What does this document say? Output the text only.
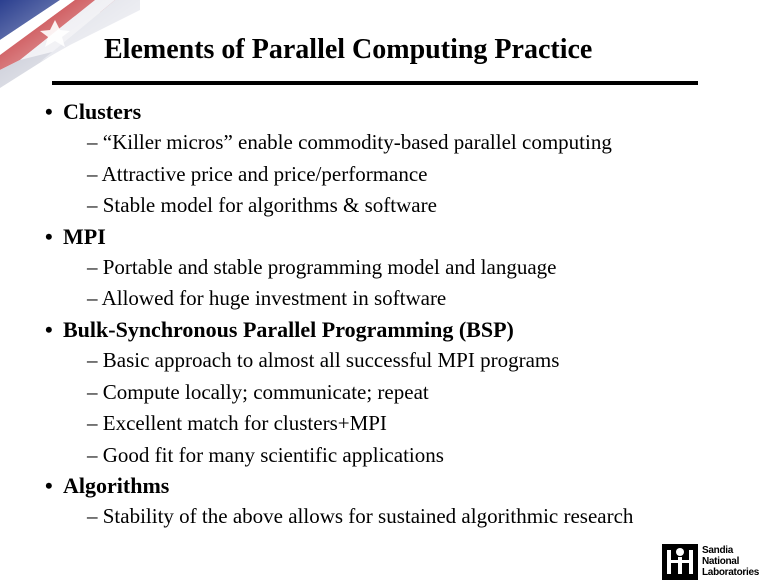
Elements of Parallel Computing Practice
• Clusters
– “Killer micros” enable commodity-based parallel computing
– Attractive price and price/performance
– Stable model for algorithms & software
• MPI
– Portable and stable programming model and language
– Allowed for huge investment in software
• Bulk-Synchronous Parallel Programming (BSP)
– Basic approach to almost all successful MPI programs
– Compute locally; communicate; repeat
– Excellent match for clusters+MPI
– Good fit for many scientific applications
• Algorithms
– Stability of the above allows for sustained algorithmic research
Sandia
National
Laboratories
